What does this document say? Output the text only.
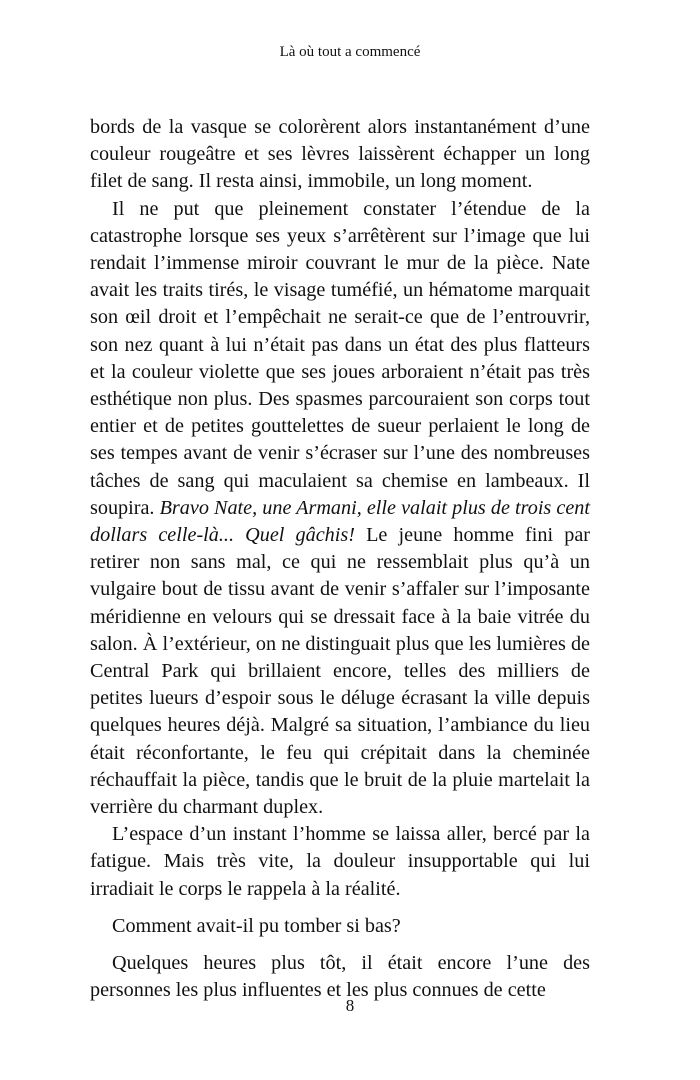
Là où tout a commencé

bords de la vasque se colorèrent alors instantanément d’une couleur rougeâtre et ses lèvres laissèrent échapper un long filet de sang. Il resta ainsi, immobile, un long moment.

Il ne put que pleinement constater l’étendue de la catastrophe lorsque ses yeux s’arrêtèrent sur l’image que lui rendait l’immense miroir couvrant le mur de la pièce. Nate avait les traits tirés, le visage tuméfié, un hématome marquait son œil droit et l’empêchait ne serait-ce que de l’entrouvrir, son nez quant à lui n’était pas dans un état des plus flatteurs et la couleur violette que ses joues arboraient n’était pas très esthétique non plus. Des spasmes parcouraient son corps tout entier et de petites gouttelettes de sueur perlaient le long de ses tempes avant de venir s’écraser sur l’une des nombreuses tâches de sang qui maculaient sa chemise en lambeaux. Il soupira. Bravo Nate, une Armani, elle valait plus de trois cent dollars celle-là... Quel gâchis! Le jeune homme fini par retirer non sans mal, ce qui ne ressemblait plus qu’à un vulgaire bout de tissu avant de venir s’affaler sur l’imposante méridienne en velours qui se dressait face à la baie vitrée du salon. À l’extérieur, on ne distinguait plus que les lumières de Central Park qui brillaient encore, telles des milliers de petites lueurs d’espoir sous le déluge écrasant la ville depuis quelques heures déjà. Malgré sa situation, l’ambiance du lieu était réconfortante, le feu qui crépitait dans la cheminée réchauffait la pièce, tandis que le bruit de la pluie martelait la verrière du charmant duplex.

L’espace d’un instant l’homme se laissa aller, bercé par la fatigue. Mais très vite, la douleur insupportable qui lui irradiait le corps le rappela à la réalité.

Comment avait-il pu tomber si bas?

Quelques heures plus tôt, il était encore l’une des personnes les plus influentes et les plus connues de cette

8
